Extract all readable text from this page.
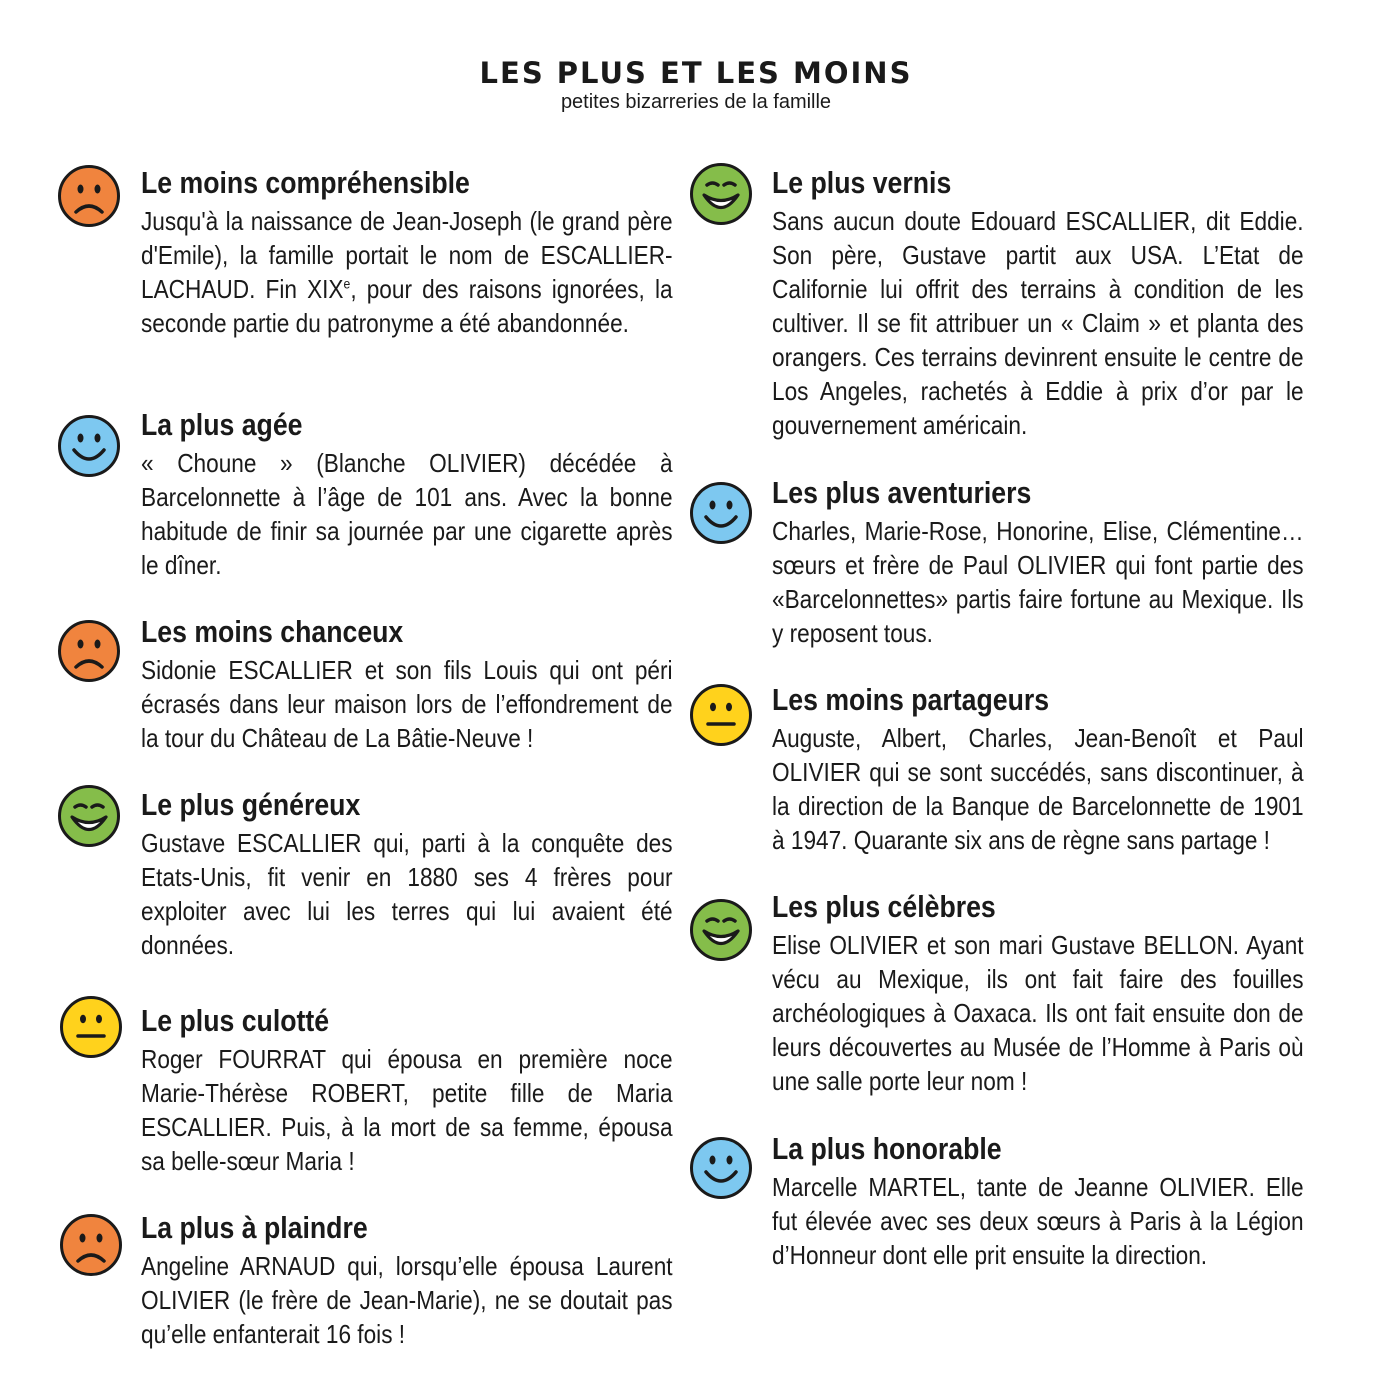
LES PLUS ET LES MOINS
petites bizarreries de la famille
Le moins compréhensible
Jusqu'à la naissance de Jean-Joseph (le grand père d'Emile), la famille portait le nom de ESCALLIER-LACHAUD. Fin XIXe, pour des raisons ignorées, la seconde partie du patronyme a été abandonnée.
La plus agée
« Choune » (Blanche OLIVIER) décédée à Barcelonnette à l’âge de 101 ans. Avec la bonne habitude de finir sa journée par une cigarette après le dîner.
Les moins chanceux
Sidonie ESCALLIER et son fils Louis qui ont péri écrasés dans leur maison lors de l’effondrement de la tour du Château de La Bâtie-Neuve !
Le plus généreux
Gustave ESCALLIER qui, parti à la conquête des Etats-Unis, fit venir en 1880 ses 4 frères pour exploiter avec lui les terres qui lui avaient été données.
Le plus culotté
Roger FOURRAT qui épousa en première noce Marie-Thérèse ROBERT, petite fille de Maria ESCALLIER. Puis, à la mort de sa femme, épousa sa belle-sœur Maria !
La plus à plaindre
Angeline ARNAUD qui, lorsqu’elle épousa Laurent OLIVIER (le frère de Jean-Marie), ne se doutait pas qu’elle enfanterait 16 fois !
Le plus vernis
Sans aucun doute Edouard ESCALLIER, dit Eddie. Son père, Gustave partit aux USA. L’Etat de Californie lui offrit des terrains à condition de les cultiver. Il se fit attribuer un « Claim » et planta des orangers. Ces terrains devinrent ensuite le centre de Los Angeles, rachetés à Eddie à prix d’or par le gouvernement américain.
Les plus aventuriers
Charles, Marie-Rose, Honorine, Elise, Clémentine… sœurs et frère de Paul OLIVIER qui font partie des «Barcelonnettes» partis faire fortune au Mexique. Ils y reposent tous.
Les moins partageurs
Auguste, Albert, Charles, Jean-Benoît et Paul OLIVIER qui se sont succédés, sans discontinuer, à la direction de la Banque de Barcelonnette de 1901 à 1947. Quarante six ans de règne sans partage !
Les plus célèbres
Elise OLIVIER et son mari Gustave BELLON. Ayant vécu au Mexique, ils ont fait faire des fouilles archéologiques à Oaxaca. Ils ont fait ensuite don de leurs découvertes au Musée de l’Homme à Paris où une salle porte leur nom !
La plus honorable
Marcelle MARTEL, tante de Jeanne OLIVIER. Elle fut élevée avec ses deux sœurs à Paris à la Légion d’Honneur dont elle prit ensuite la direction.
